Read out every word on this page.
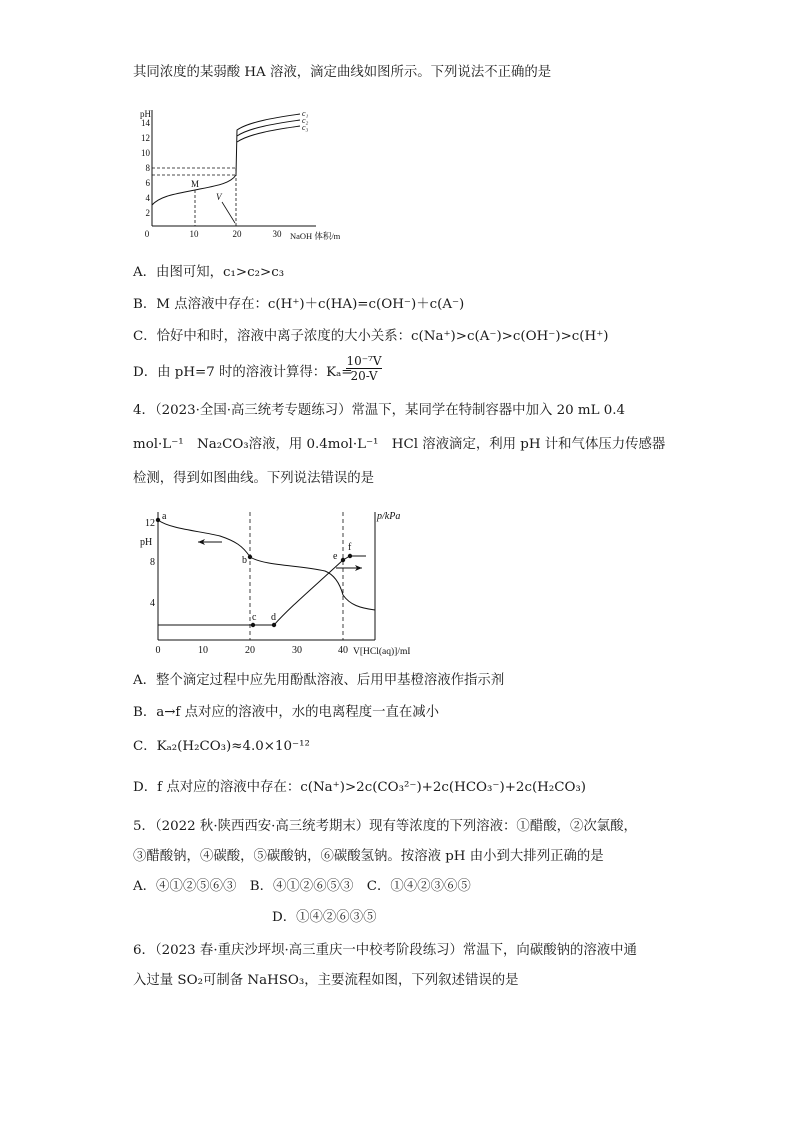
其同浓度的某弱酸 HA 溶液，滴定曲线如图所示。下列说法不正确的是
pH
2
4
6
8
10
12
14
0	10	20	30 NaOH 体积/mL
c₁
c₂
c₃
M
V
A．由图可知，c₁>c₂>c₃
B．M 点溶液中存在：c(H⁺)＋c(HA)=c(OH⁻)＋c(A⁻)
C．恰好中和时，溶液中离子浓度的大小关系：c(Na⁺)>c(A⁻)>c(OH⁻)>c(H⁺)
D．由 pH=7 时的溶液计算得：Kₐ=
$\frac{\text{10⁻⁷V}}{20-V}$
4．（2023·全国·高三统考专题练习）常温下，某同学在特制容器中加入 20 mL 0.4
mol·L⁻¹　Na₂CO₃溶液，用 0.4mol·L⁻¹　HCl 溶液滴定，利用 pH 计和气体压力传感器
检测，得到如图曲线。下列说法错误的是
pH
p/kPa
4
8
12
0	10	20	30	40 V[HCl(aq)]/mL
a
b
c d
e
f
A．整个滴定过程中应先用酚酞溶液、后用甲基橙溶液作指示剂
B．a→f 点对应的溶液中，水的电离程度一直在减小
C．Kₐ₂(H₂CO₃)≈4.0×10⁻¹²
D．f 点对应的溶液中存在：c(Na⁺)>2c(CO₃²⁻)+2c(HCO₃⁻)+2c(H₂CO₃)
5．（2022 秋·陕西西安·高三统考期末）现有等浓度的下列溶液：①醋酸，②次氯酸，
③醋酸钠，④碳酸，⑤碳酸钠，⑥碳酸氢钠。按溶液 pH 由小到大排列正确的是
A．④①②⑤⑥③　B．④①②⑥⑤③　C．①④②③⑥⑤
D．①④②⑥③⑤
6．（2023 春·重庆沙坪坝·高三重庆一中校考阶段练习）常温下，向碳酸钠的溶液中通
入过量 SO₂可制备 NaHSO₃，主要流程如图，下列叙述错误的是
